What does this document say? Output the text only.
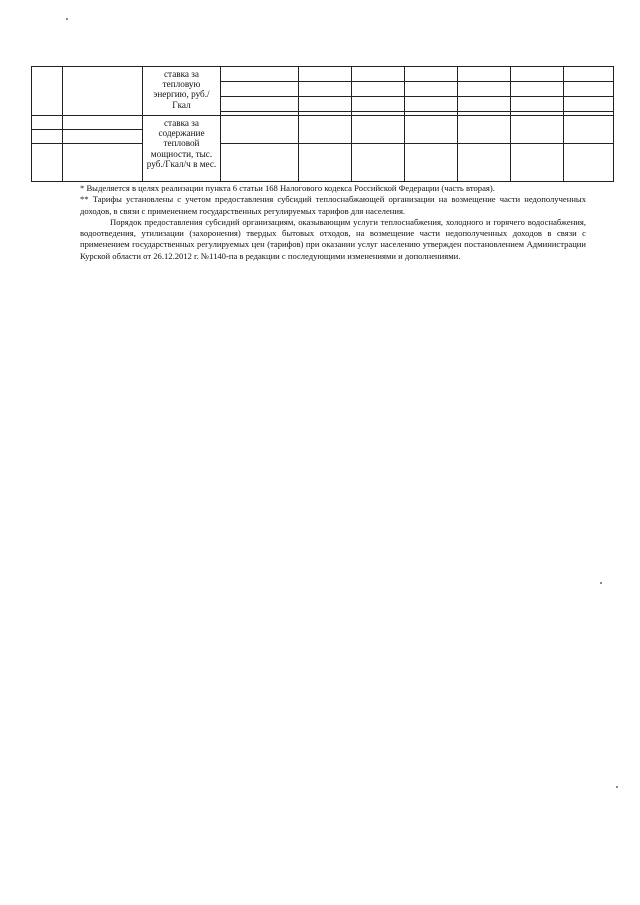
		ставка за тепловую энергию, руб./Гкал							

		ставка за содержание тепловой мощности, тыс. руб./Гкал/ч в мес.							

* Выделяется в целях реализации пункта 6 статьи 168 Налогового кодекса Российской Федерации (часть вторая).

** Тарифы установлены с учетом предоставления субсидий теплоснабжающей организации на возмещение части недополученных доходов, в связи с применением государственных регулируемых тарифов для населения.

Порядок предоставления субсидий организациям, оказывающим услуги теплоснабжения, холодного и горячего водоснабжения, водоотведения, утилизации (захоронения) твердых бытовых отходов, на возмещение части недополученных доходов в связи с применением государственных регулируемых цен (тарифов) при оказании услуг населению утвержден постановлением Администрации Курской области от 26.12.2012 г. №1140-па в редакции с последующими изменениями и дополнениями.
